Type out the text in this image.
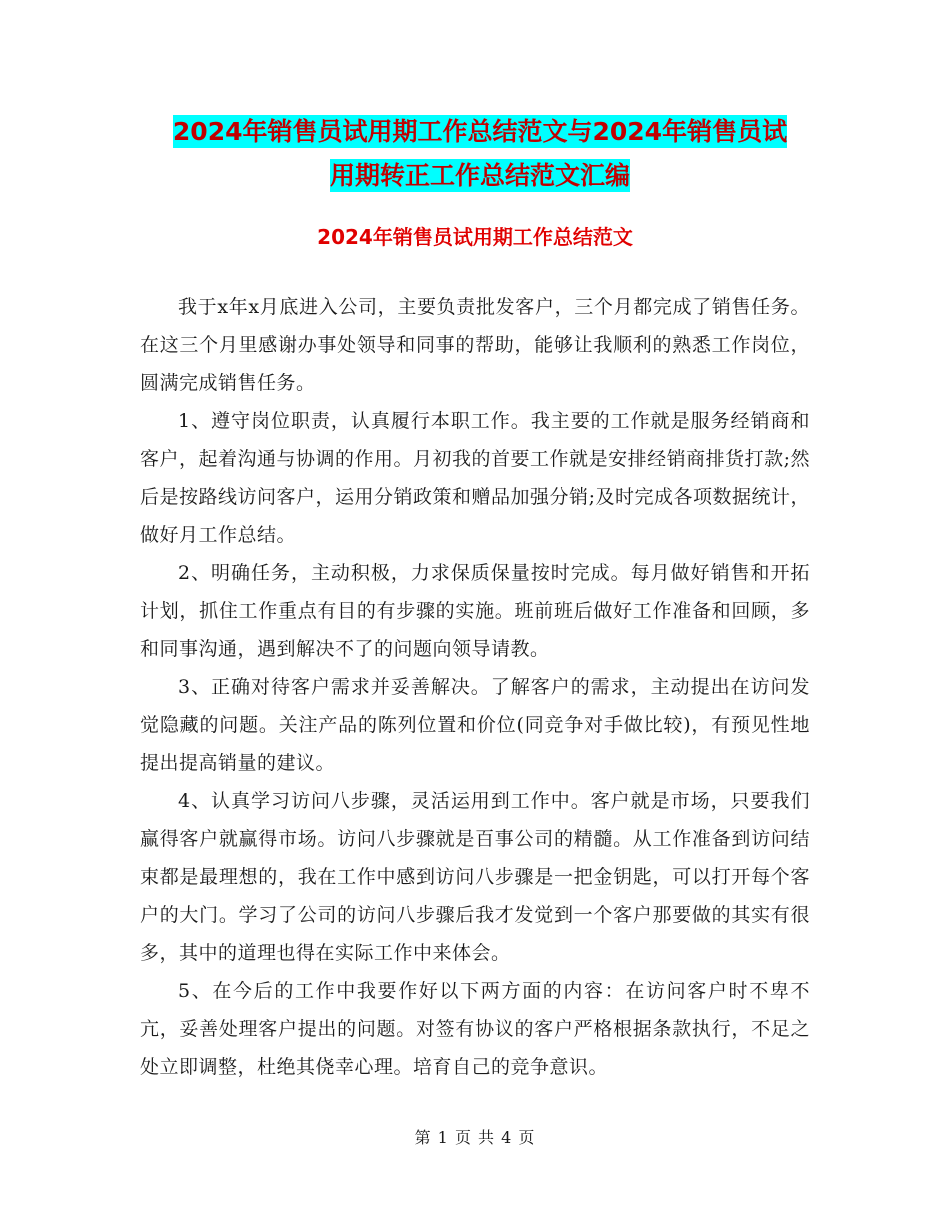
2024年销售员试用期工作总结范文与2024年销售员试
用期转正工作总结范文汇编
2024年销售员试用期工作总结范文

我于x年x月底进入公司，主要负责批发客户，三个月都完成了销售任务。在这三个月里感谢办事处领导和同事的帮助，能够让我顺利的熟悉工作岗位，圆满完成销售任务。

1、遵守岗位职责，认真履行本职工作。我主要的工作就是服务经销商和客户，起着沟通与协调的作用。月初我的首要工作就是安排经销商排货打款;然后是按路线访问客户，运用分销政策和赠品加强分销;及时完成各项数据统计，做好月工作总结。

2、明确任务，主动积极，力求保质保量按时完成。每月做好销售和开拓计划，抓住工作重点有目的有步骤的实施。班前班后做好工作准备和回顾，多和同事沟通，遇到解决不了的问题向领导请教。

3、正确对待客户需求并妥善解决。了解客户的需求，主动提出在访问发觉隐藏的问题。关注产品的陈列位置和价位(同竞争对手做比较)，有预见性地提出提高销量的建议。

4、认真学习访问八步骤，灵活运用到工作中。客户就是市场，只要我们赢得客户就赢得市场。访问八步骤就是百事公司的精髓。从工作准备到访问结束都是最理想的，我在工作中感到访问八步骤是一把金钥匙，可以打开每个客户的大门。学习了公司的访问八步骤后我才发觉到一个客户那要做的其实有很多，其中的道理也得在实际工作中来体会。

5、在今后的工作中我要作好以下两方面的内容：在访问客户时不卑不亢，妥善处理客户提出的问题。对签有协议的客户严格根据条款执行，不足之处立即调整，杜绝其侥幸心理。培育自己的竞争意识。

第 1 页 共 4 页
